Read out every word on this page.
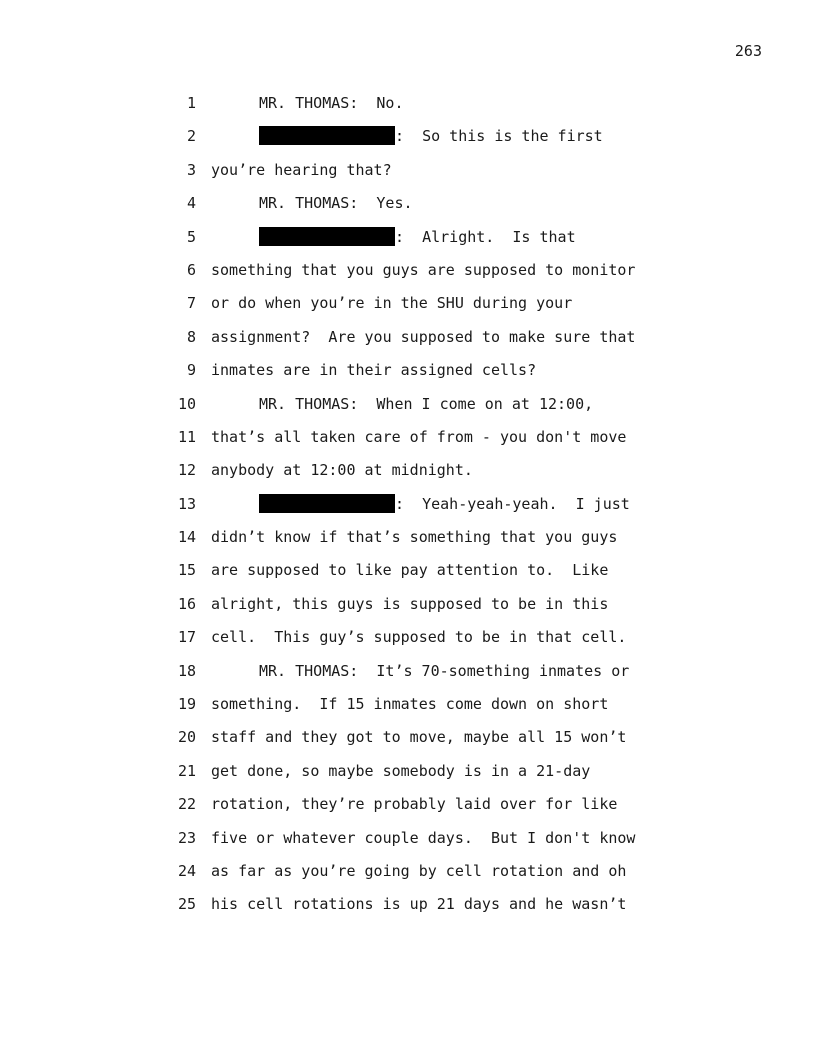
263
1	MR. THOMAS:  No.
2	:  So this is the first
3 you’re hearing that?
4	MR. THOMAS:  Yes.
5	:  Alright.  Is that
6 something that you guys are supposed to monitor
7 or do when you’re in the SHU during your
8 assignment?  Are you supposed to make sure that
9 inmates are in their assigned cells?
10	MR. THOMAS:  When I come on at 12:00,
11 that’s all taken care of from - you don't move
12 anybody at 12:00 at midnight.
13	:  Yeah-yeah-yeah.  I just
14 didn’t know if that’s something that you guys
15 are supposed to like pay attention to.  Like
16 alright, this guys is supposed to be in this
17 cell.  This guy’s supposed to be in that cell.
18	MR. THOMAS:  It’s 70-something inmates or
19 something.  If 15 inmates come down on short
20 staff and they got to move, maybe all 15 won’t
21 get done, so maybe somebody is in a 21-day
22 rotation, they’re probably laid over for like
23 five or whatever couple days.  But I don't know
24 as far as you’re going by cell rotation and oh
25 his cell rotations is up 21 days and he wasn’t
